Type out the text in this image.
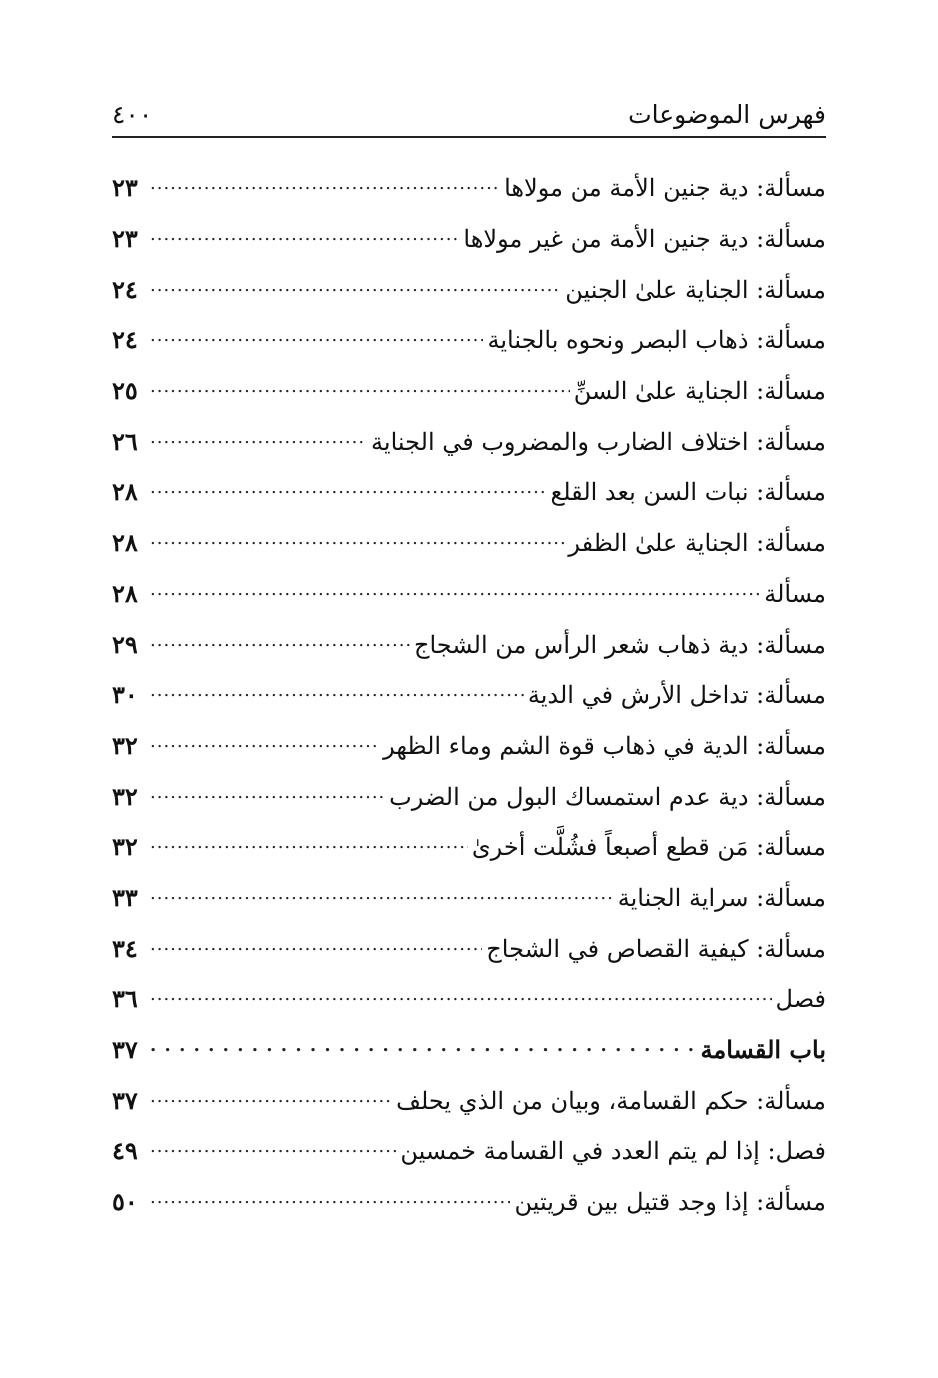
فهرس الموضوعات
٤٠٠
مسألة: دية جنين الأمة من مولاها
.....
٢٣
مسألة: دية جنين الأمة من غير مولاها
.....
٢٣
مسألة: الجناية علىٰ الجنين
.....
٢٤
مسألة: ذهاب البصر ونحوه بالجناية
.....
٢٤
مسألة: الجناية علىٰ السنِّ
.....
٢٥
مسألة: اختلاف الضارب والمضروب في الجناية
.....
٢٦
مسألة: نبات السن بعد القلع
.....
٢٨
مسألة: الجناية علىٰ الظفر
.....
٢٨
مسألة
.....
٢٨
مسألة: دية ذهاب شعر الرأس من الشجاج
.....
٢٩
مسألة: تداخل الأرش في الدية
.....
٣٠
مسألة: الدية في ذهاب قوة الشم وماء الظهر
.....
٣٢
مسألة: دية عدم استمساك البول من الضرب
.....
٣٢
مسألة: مَن قطع أصبعاً فشُلَّت أخرىٰ
.....
٣٢
مسألة: سراية الجناية
.....
٣٣
مسألة: كيفية القصاص في الشجاج
.....
٣٤
فصل
.....
٣٦
باب القسامة
. . .
٣٧
مسألة: حكم القسامة، وبيان من الذي يحلف
.....
٣٧
فصل: إذا لم يتم العدد في القسامة خمسين
.....
٤٩
مسألة: إذا وجد قتيل بين قريتين
.....
٥٠
